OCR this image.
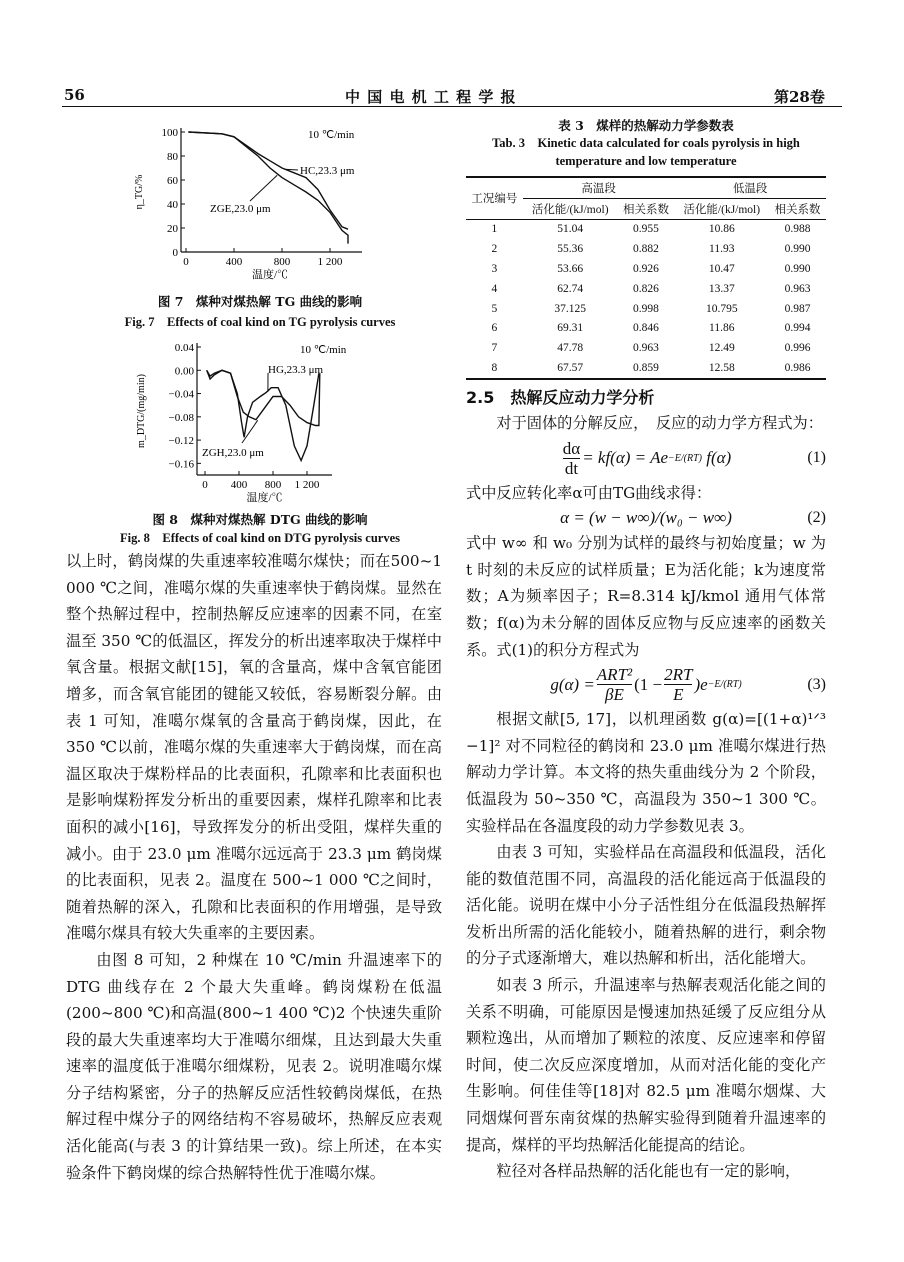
56	中 国 电 机 工 程 学 报	第28卷
0	400	800 1 200
0
20
40
60
80
100
温度/℃
η_TG/%
10 ℃/min
HC,23.3 μm
ZGE,23.0 μm
图 7　煤种对煤热解 TG 曲线的影响
Fig. 7　Effects of coal kind on TG pyrolysis curves
0 400 800 1 200
0.04
0.00
−0.04
−0.08
−0.12
−0.16
温度/℃
m_DTG/(mg/min)
10 ℃/min
HG,23.3 μm
ZGH,23.0 μm
图 8　煤种对煤热解 DTG 曲线的影响
Fig. 8　Effects of coal kind on DTG pyrolysis curves

以上时，鹤岗煤的失重速率较准噶尔煤快；而在500~1 000 ℃之间，准噶尔煤的失重速率快于鹤岗煤。显然在整个热解过程中，控制热解反应速率的因素不同，在室温至 350 ℃的低温区，挥发分的析出速率取决于煤样中氧含量。根据文献[15]，氧的含量高，煤中含氧官能团增多，而含氧官能团的键能又较低，容易断裂分解。由表 1 可知，准噶尔煤氧的含量高于鹤岗煤，因此，在 350 ℃以前，准噶尔煤的失重速率大于鹤岗煤，而在高温区取决于煤粉样品的比表面积，孔隙率和比表面积也是影响煤粉挥发分析出的重要因素，煤样孔隙率和比表面积的减小[16]，导致挥发分的析出受阻，煤样失重的减小。由于 23.0 μm 准噶尔远远高于 23.3 μm 鹤岗煤的比表面积，见表 2。温度在 500~1 000 ℃之间时，随着热解的深入，孔隙和比表面积的作用增强，是导致准噶尔煤具有较大失重率的主要因素。

由图 8 可知，2 种煤在 10 ℃/min 升温速率下的 DTG 曲线存在 2 个最大失重峰。鹤岗煤粉在低温(200~800 ℃)和高温(800~1 400 ℃)2 个快速失重阶段的最大失重速率均大于准噶尔细煤，且达到最大失重速率的温度低于准噶尔细煤粉，见表 2。说明准噶尔煤分子结构紧密，分子的热解反应活性较鹤岗煤低，在热解过程中煤分子的网络结构不容易破坏，热解反应表观活化能高(与表 3 的计算结果一致)。综上所述，在本实验条件下鹤岗煤的综合热解特性优于准噶尔煤。

表 3　煤样的热解动力学参数表
Tab. 3　Kinetic data calculated for coals pyrolysis in high temperature and low temperature
工况编号	高温段		低温段	
	活化能/(kJ/mol)	相关系数	活化能/(kJ/mol)	相关系数
1	51.04	0.955	10.86	0.988
2	55.36	0.882	11.93	0.990
3	53.66	0.926	10.47	0.990
4	62.74	0.826	13.37	0.963
5	37.125	0.998	10.795	0.987
6	69.31	0.846	11.86	0.994
7	47.78	0.963	12.49	0.996
8	67.57	0.859	12.58	0.986
2.5　热解反应动力学分析

对于固体的分解反应，　反应的动力学方程式为：

$\frac{d\alpha}{dt} = kf(\alpha) = Ae -E/(RT)$
f(α)	(1)

式中反应转化率α可由TG曲线求得：

α = (w − w∞)/(w₀ − w∞)	(2)

式中 w∞ 和 w₀ 分别为试样的最终与初始度量；w 为 t 时刻的未反应的试样质量；E为活化能；k为速度常数；A为频率因子；R=8.314 kJ/kmol 通用气体常数；f(α)为未分解的固体反应物与反应速率的函数关系。式(1)的积分方程式为

$g(\alpha) = \frac{\text{ART²}}{\beta E} (1 - \frac{2RT}{E} )e -E/(RT)$	(3)

根据文献[5, 17]，以机理函数 g(α)=[(1+α)¹ᐟ³ −1]² 对不同粒径的鹤岗和 23.0 μm 准噶尔煤进行热解动力学计算。本文将的热失重曲线分为 2 个阶段，低温段为 50~350 ℃，高温段为 350~1 300 ℃。实验样品在各温度段的动力学参数见表 3。

由表 3 可知，实验样品在高温段和低温段，活化能的数值范围不同，高温段的活化能远高于低温段的活化能。说明在煤中小分子活性组分在低温段热解挥发析出所需的活化能较小，随着热解的进行，剩余物的分子式逐渐增大，难以热解和析出，活化能增大。

如表 3 所示，升温速率与热解表观活化能之间的关系不明确，可能原因是慢速加热延缓了反应组分从颗粒逸出，从而增加了颗粒的浓度、反应速率和停留时间，使二次反应深度增加，从而对活化能的变化产生影响。何佳佳等[18]对 82.5 μm 准噶尔烟煤、大同烟煤何晋东南贫煤的热解实验得到随着升温速率的提高，煤样的平均热解活化能提高的结论。

粒径对各样品热解的活化能也有一定的影响，
